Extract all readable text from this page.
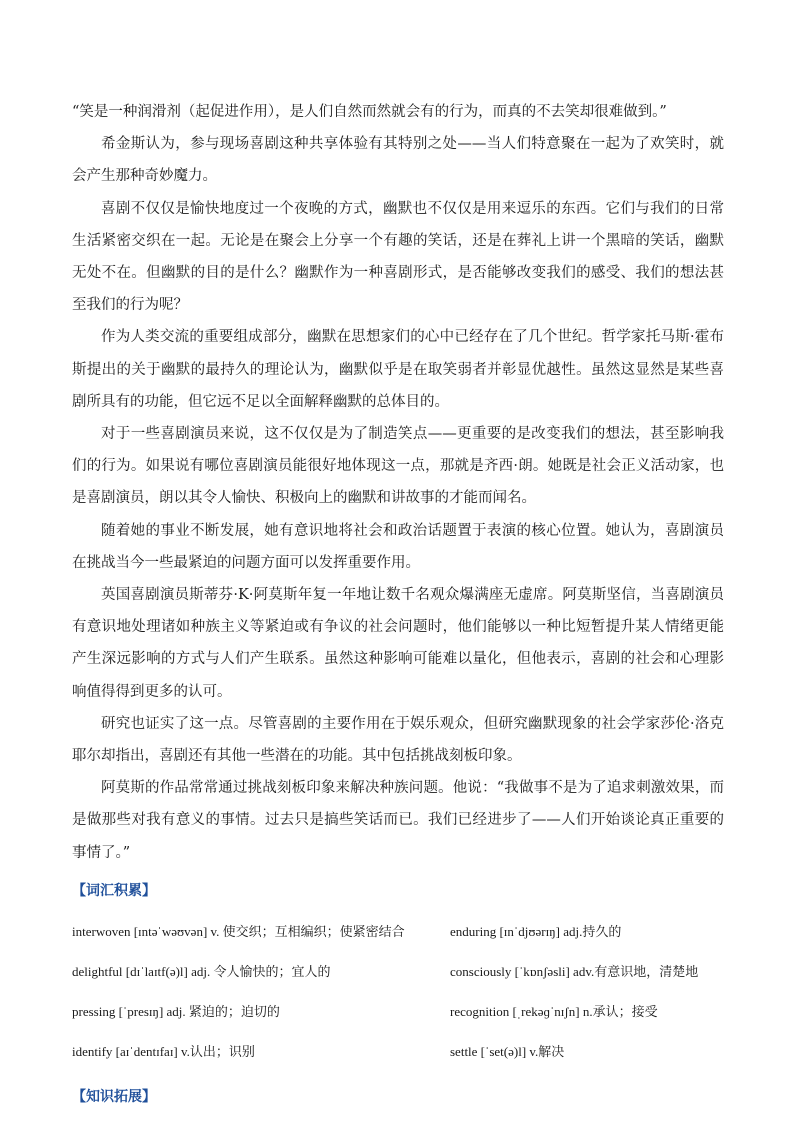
“笑是一种润滑剂（起促进作用），是人们自然而然就会有的行为，而真的不去笑却很难做到。”

希金斯认为，参与现场喜剧这种共享体验有其特别之处——当人们特意聚在一起为了欢笑时，就会产生那种奇妙魔力。

喜剧不仅仅是愉快地度过一个夜晚的方式，幽默也不仅仅是用来逗乐的东西。它们与我们的日常生活紧密交织在一起。无论是在聚会上分享一个有趣的笑话，还是在葬礼上讲一个黑暗的笑话，幽默无处不在。但幽默的目的是什么？幽默作为一种喜剧形式，是否能够改变我们的感受、我们的想法甚至我们的行为呢？

作为人类交流的重要组成部分，幽默在思想家们的心中已经存在了几个世纪。哲学家托马斯·霍布斯提出的关于幽默的最持久的理论认为，幽默似乎是在取笑弱者并彰显优越性。虽然这显然是某些喜剧所具有的功能，但它远不足以全面解释幽默的总体目的。

对于一些喜剧演员来说，这不仅仅是为了制造笑点——更重要的是改变我们的想法，甚至影响我们的行为。如果说有哪位喜剧演员能很好地体现这一点，那就是齐西·朗。她既是社会正义活动家，也是喜剧演员，朗以其令人愉快、积极向上的幽默和讲故事的才能而闻名。

随着她的事业不断发展，她有意识地将社会和政治话题置于表演的核心位置。她认为，喜剧演员在挑战当今一些最紧迫的问题方面可以发挥重要作用。

英国喜剧演员斯蒂芬·K·阿莫斯年复一年地让数千名观众爆满座无虚席。阿莫斯坚信，当喜剧演员有意识地处理诸如种族主义等紧迫或有争议的社会问题时，他们能够以一种比短暂提升某人情绪更能产生深远影响的方式与人们产生联系。虽然这种影响可能难以量化，但他表示，喜剧的社会和心理影响值得得到更多的认可。

研究也证实了这一点。尽管喜剧的主要作用在于娱乐观众，但研究幽默现象的社会学家莎伦·洛克耶尔却指出，喜剧还有其他一些潜在的功能。其中包括挑战刻板印象。

阿莫斯的作品常常通过挑战刻板印象来解决种族问题。他说：“我做事不是为了追求刺激效果，而是做那些对我有意义的事情。过去只是搞些笑话而已。我们已经进步了——人们开始谈论真正重要的事情了。”

【词汇积累】
interwoven [ɪntəˈwəʊvən] v. 使交织；互相编织；使紧密结合	enduring [ɪnˈdjʊərɪŋ] adj.持久的
delightful [dɪˈlaɪtf(ə)l] adj. 令人愉快的；宜人的	consciously [ˈkɒnʃəsli] adv.有意识地，清楚地
pressing [ˈpresɪŋ] adj. 紧迫的；迫切的	recognition [ˌrekəɡˈnɪʃn] n.承认；接受
identify [aɪˈdentɪfaɪ] v.认出；识别	settle [ˈset(ə)l] v.解决
【知识拓展】
